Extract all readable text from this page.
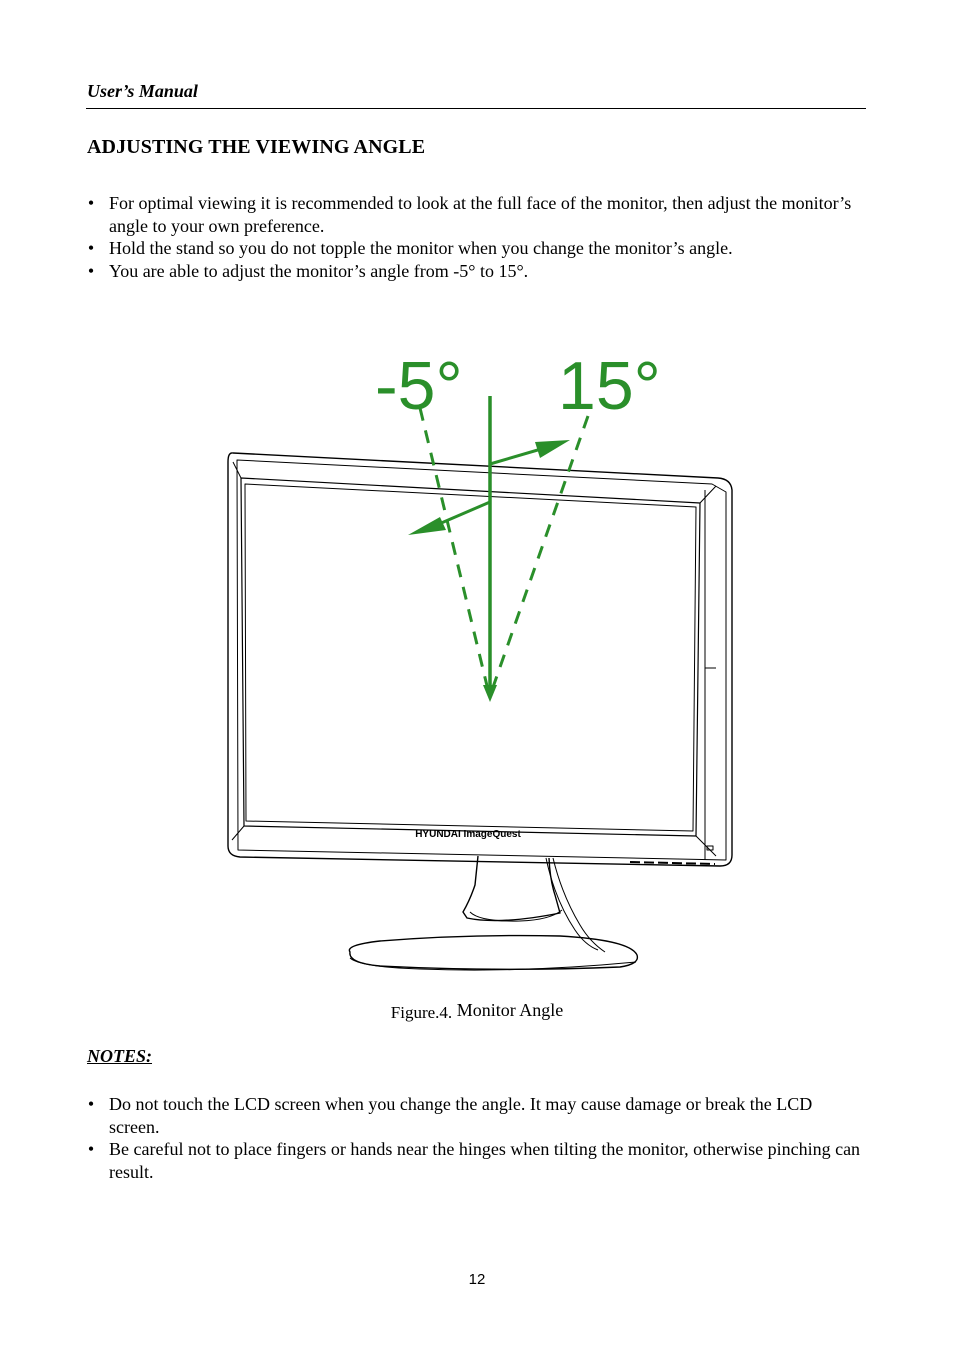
User’s Manual
ADJUSTING THE VIEWING ANGLE
• For optimal viewing it is recommended to look at the full face of the monitor, then adjust the monitor’s angle to your own preference.
• Hold the stand so you do not topple the monitor when you change the monitor’s angle.
• You are able to adjust the monitor’s angle from -5° to 15°.
HYUNDAI ImageQuest
-5° 15°
Figure.4. Monitor Angle
NOTES:
• Do not touch the LCD screen when you change the angle. It may cause damage or break the LCD screen.
• Be careful not to place fingers or hands near the hinges when tilting the monitor, otherwise pinching can result.
12
